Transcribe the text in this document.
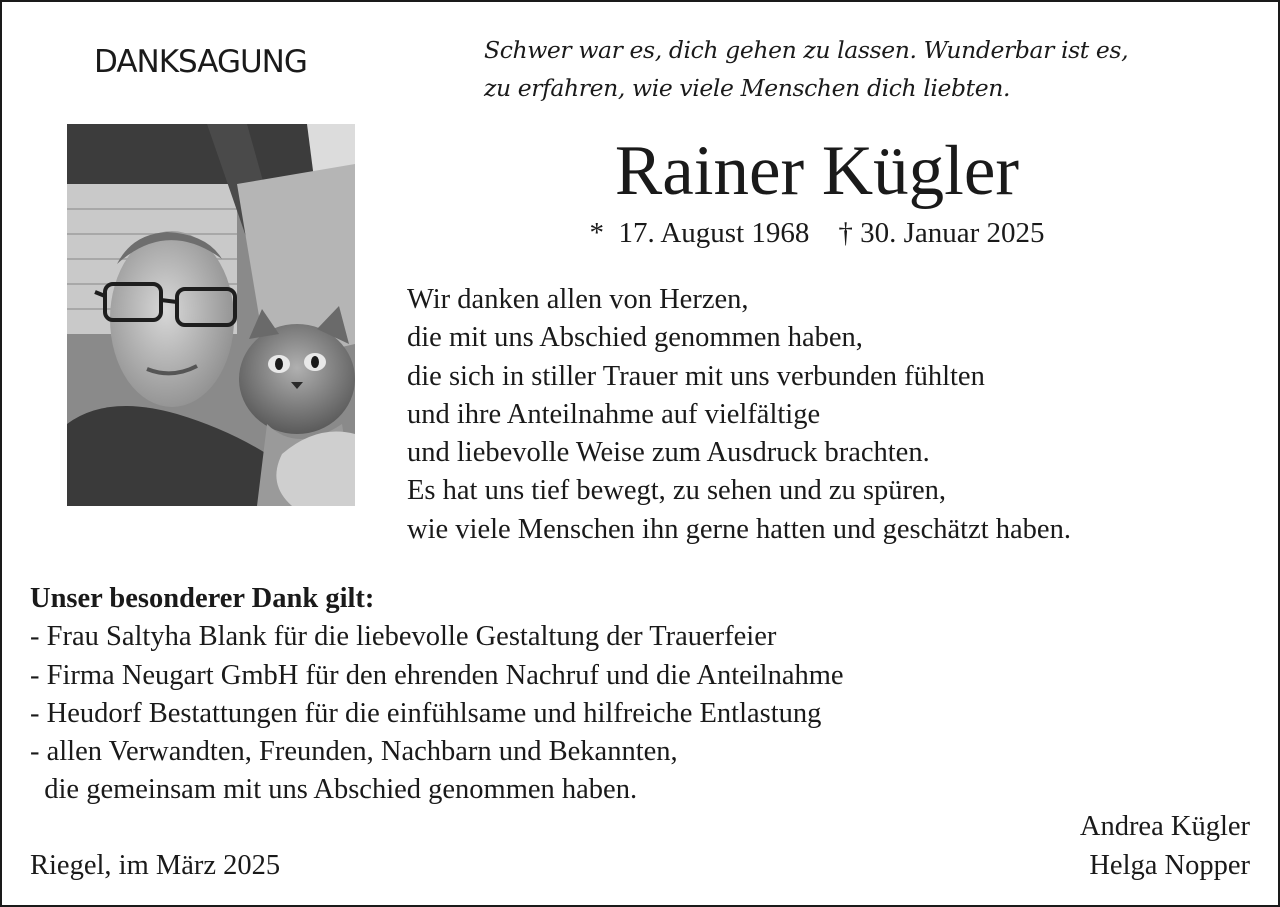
DANKSAGUNG	Schwer war es, dich gehen zu lassen. Wunderbar ist es,
zu erfahren, wie viele Menschen dich liebten.
Rainer Kügler
*  17. August 1968    † 30. Januar 2025
Wir danken allen von Herzen,
die mit uns Abschied genommen haben,
die sich in stiller Trauer mit uns verbunden fühlten
und ihre Anteilnahme auf vielfältige
und liebevolle Weise zum Ausdruck brachten.
Es hat uns tief bewegt, zu sehen und zu spüren,
wie viele Menschen ihn gerne hatten und geschätzt haben.
Unser besonderer Dank gilt:
- Frau Saltyha Blank für die liebevolle Gestaltung der Trauerfeier
- Firma Neugart GmbH für den ehrenden Nachruf und die Anteilnahme
- Heudorf Bestattungen für die einfühlsame und hilfreiche Entlastung
- allen Verwandten, Freunden, Nachbarn und Bekannten,
die gemeinsam mit uns Abschied genommen haben.
Riegel, im März 2025
Andrea Kügler
Helga Nopper
